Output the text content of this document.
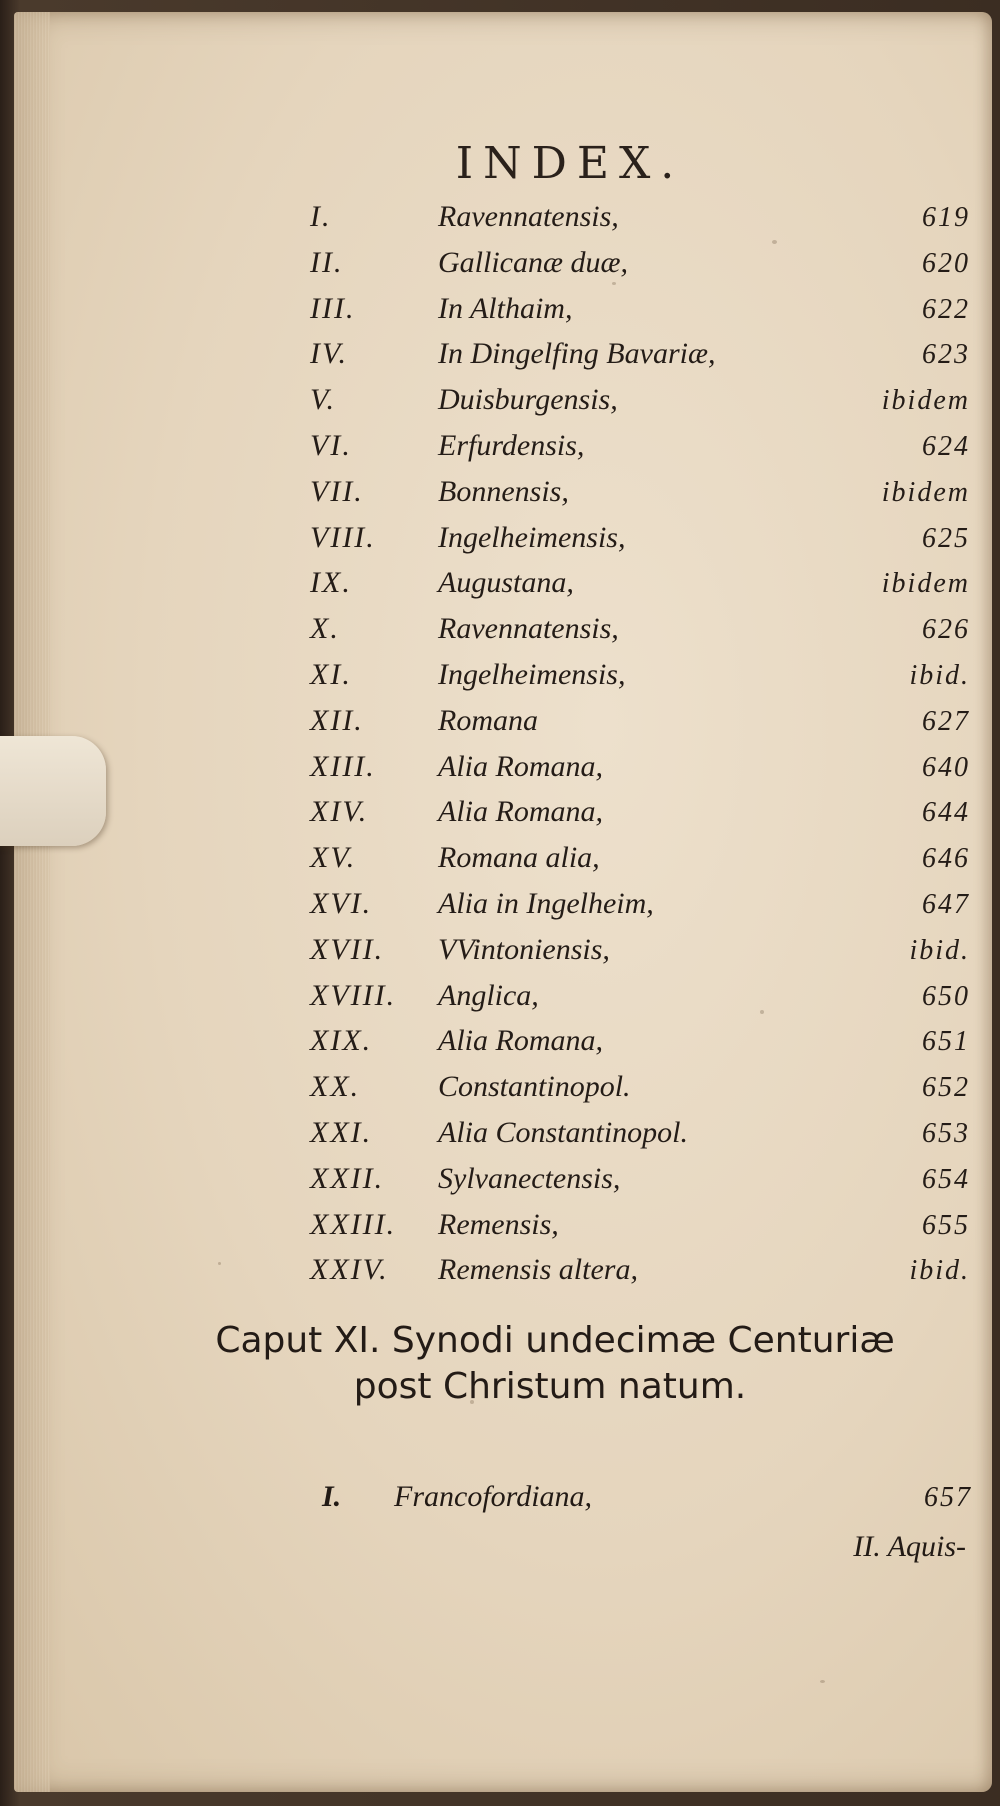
INDEX.
I.	Ravennatensis,	619
II.	Gallicanæ duæ,	620
III.	In Althaim,	622
IV.	In Dingelfing Bavariæ,	623
V.	Duisburgensis,	ibidem
VI.	Erfurdensis,	624
VII. Bonnensis,	ibidem
VIII. Ingelheimensis,	625
IX.	Augustana,	ibidem
X.	Ravennatensis,	626
XI.	Ingelheimensis,	ibid.
XII. Romana	627
XIII. Alia Romana,	640
XIV. Alia Romana,	644
XV.	Romana alia,	646
XVI. Alia in Ingelheim,	647
XVII. VVintoniensis,	ibid.
XVIII. Anglica,	650
XIX. Alia Romana,	651
XX.	Constantinopol.	652
XXI. Alia Constantinopol.	653
XXII. Sylvanectensis,	654
XXIII. Remensis,	655
XXIV. Remensis altera,	ibid.
Caput XI. Synodi undecimæ Centuriæ
post Christum natum.
I. Francofordiana,	657
II. Aquis-
